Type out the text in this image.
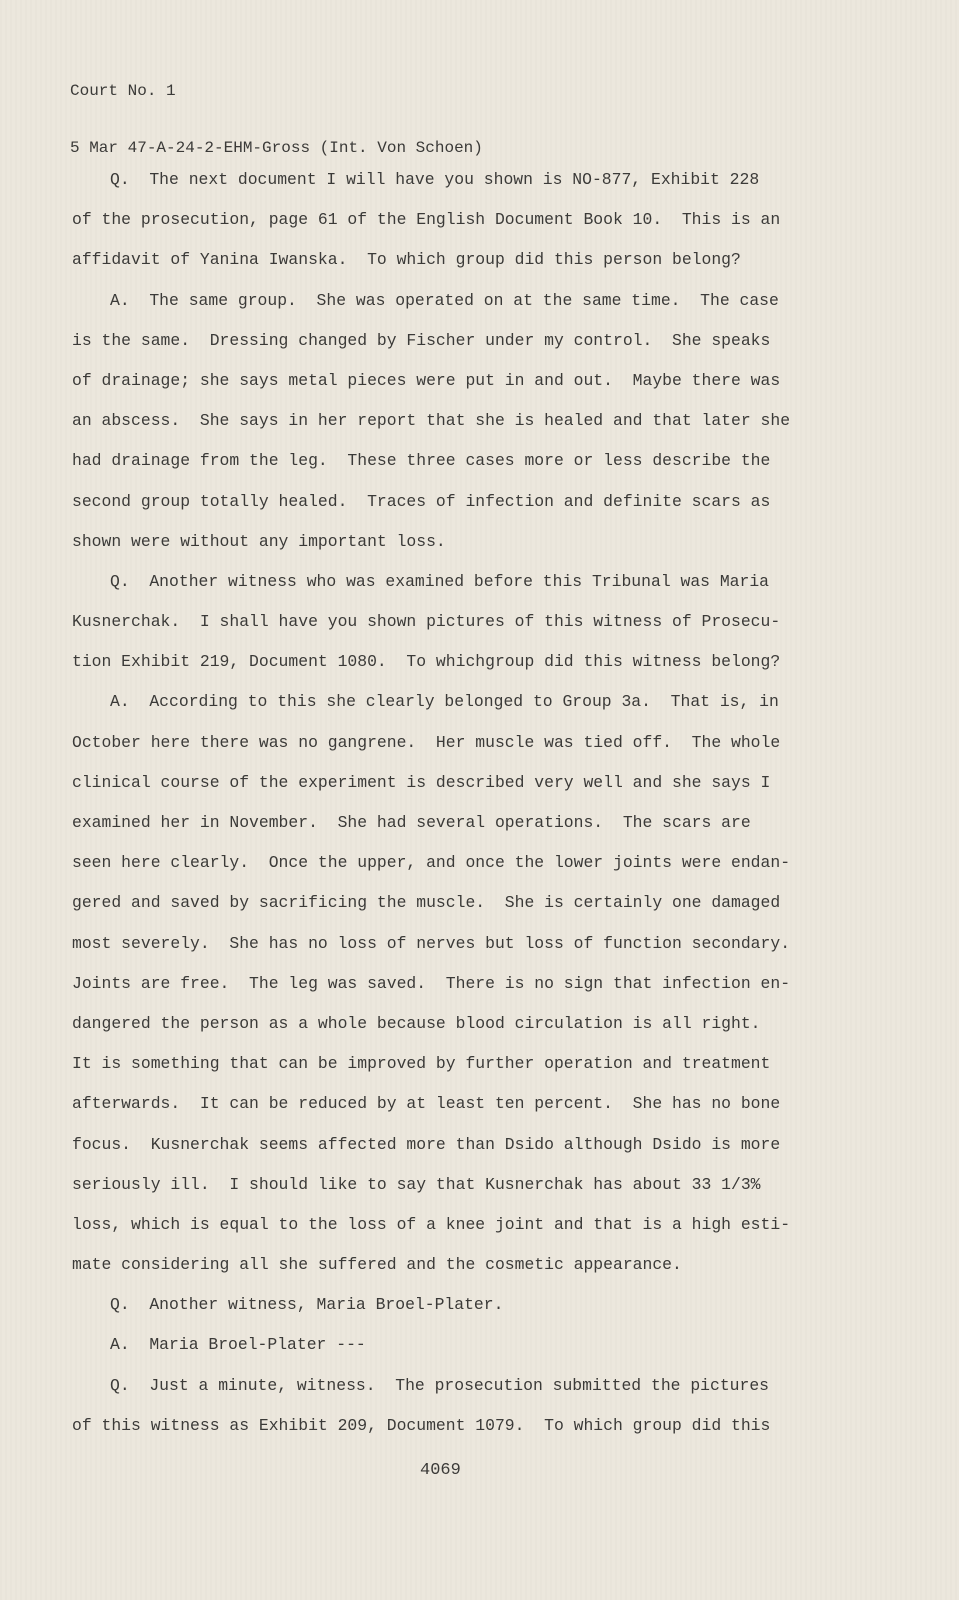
Court No. 1

5 Mar 47-A-24-2-EHM-Gross (Int. Von Schoen)

Q.  The next document I will have you shown is NO-877, Exhibit 228
of the prosecution, page 61 of the English Document Book 10.  This is an
affidavit of Yanina Iwanska.  To which group did this person belong?
A.  The same group.  She was operated on at the same time.  The case
is the same.  Dressing changed by Fischer under my control.  She speaks
of drainage; she says metal pieces were put in and out.  Maybe there was
an abscess.  She says in her report that she is healed and that later she
had drainage from the leg.  These three cases more or less describe the
second group totally healed.  Traces of infection and definite scars as
shown were without any important loss.
Q.  Another witness who was examined before this Tribunal was Maria
Kusnerchak.  I shall have you shown pictures of this witness of Prosecu-
tion Exhibit 219, Document 1080.  To whichgroup did this witness belong?
A.  According to this she clearly belonged to Group 3a.  That is, in
October here there was no gangrene.  Her muscle was tied off.  The whole
clinical course of the experiment is described very well and she says I
examined her in November.  She had several operations.  The scars are
seen here clearly.  Once the upper, and once the lower joints were endan-
gered and saved by sacrificing the muscle.  She is certainly one damaged
most severely.  She has no loss of nerves but loss of function secondary.
Joints are free.  The leg was saved.  There is no sign that infection en-
dangered the person as a whole because blood circulation is all right.
It is something that can be improved by further operation and treatment
afterwards.  It can be reduced by at least ten percent.  She has no bone
focus.  Kusnerchak seems affected more than Dsido although Dsido is more
seriously ill.  I should like to say that Kusnerchak has about 33 1/3%
loss, which is equal to the loss of a knee joint and that is a high esti-
mate considering all she suffered and the cosmetic appearance.
Q.  Another witness, Maria Broel-Plater.
A.  Maria Broel-Plater ---
Q.  Just a minute, witness.  The prosecution submitted the pictures
of this witness as Exhibit 209, Document 1079.  To which group did this
4069
